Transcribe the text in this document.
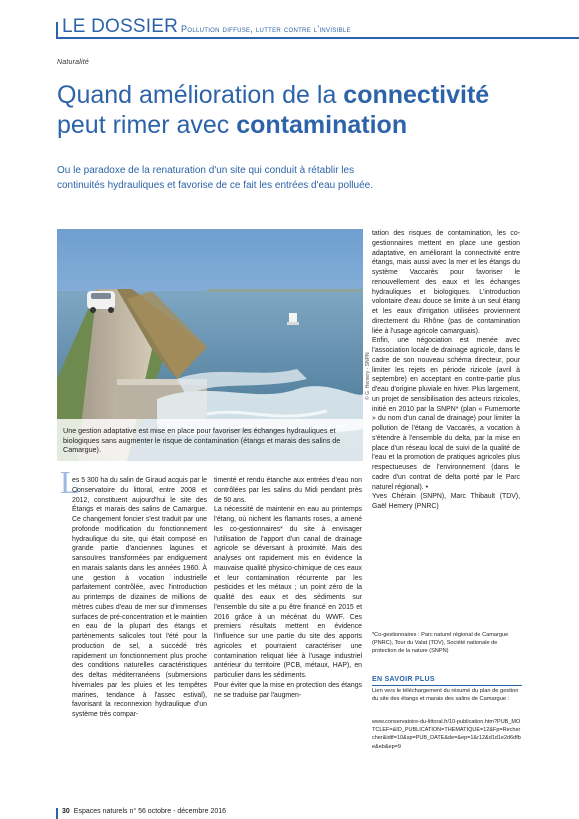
LE DOSSIER Pollution diffuse, lutter contre l'invisible
Naturalité
Quand amélioration de la connectivité
peut rimer avec contamination
Ou le paradoxe de la renaturation d'un site qui conduit à rétablir les continuités hydrauliques et favorise de ce fait les entrées d'eau polluée.
Une gestion adaptative est mise en place pour favoriser les échanges hydrauliques et biologiques sans augmenter le risque de contamination (étangs et marais des salins de Camargue).
© G. Hemery - SNPN
L

es 5 300 ha du salin de Giraud acquis par le Conservatoire du littoral, entre 2008 et 2012, constituent aujourd'hui le site des Étangs et marais des salins de Camargue. Ce changement foncier s'est traduit par une profonde modification du fonctionnement hydraulique du site, qui était composé en grande partie d'anciennes lagunes et sansouïres transformées par endiguement en marais salants dans les années 1960. À une gestion à vocation industrielle parfaitement contrôlée, avec l'introduction au printemps de dizaines de millions de mètres cubes d'eau de mer sur d'immenses surfaces de pré-concentration et le maintien en eau de la plupart des étangs et partènements salicoles tout l'été pour la production de sel, a succédé très rapidement un fonctionnement plus proche des conditions naturelles caractéristiques des deltas méditerranéens (submersions hivernales par les pluies et les tempêtes marines, tendance à l'assec estival), favorisant la reconnexion hydraulique d'un système très compar-

timenté et rendu étanche aux entrées d'eau non contrôlées par les salins du Midi pendant près de 50 ans.

La nécessité de maintenir en eau au printemps l'étang, où nichent les flamants roses, a amené les co-gestionnaires* du site à envisager l'utilisation de l'apport d'un canal de drainage agricole se déversant à proximité. Mais des analyses ont rapidement mis en évidence la mauvaise qualité physico-chimique de ces eaux et leur contamination récurrente par les pesticides et les métaux ; un point zéro de la qualité des eaux et des sédiments sur l'ensemble du site a pu être financé en 2015 et 2016 grâce à un mécénat du WWF. Ces premiers résultats mettent en évidence l'influence sur une partie du site des apports agricoles et pourraient caractériser une contamination reliquat liée à l'usage industriel antérieur du territoire (PCB, métaux, HAP), en particulier dans les sédiments.

Pour éviter que la mise en protection des étangs ne se traduise par l'augmen-

tation des risques de contamination, les co-gestionnaires mettent en place une gestion adaptative, en améliorant la connectivité entre étangs, mais aussi avec la mer et les étangs du système Vaccarès pour favoriser le renouvellement des eaux et les échanges hydrauliques et biologiques. L'introduction volontaire d'eau douce se limite à un seul étang et les eaux d'irrigation utilisées proviennent directement du Rhône (pas de contamination liée à l'usage agricole camarguais).

Enfin, une négociation est menée avec l'association locale de drainage agricole, dans le cadre de son nouveau schéma directeur, pour limiter les rejets en période rizicole (avril à septembre) en acceptant en contre-partie plus d'eau d'origine pluviale en hiver. Plus largement, un projet de sensibilisation des acteurs rizicoles, initié en 2010 par la SNPN* (plan « Fumemorte » du nom d'un canal de drainage) pour limiter la pollution de l'étang de Vaccarès, a vocation à s'étendre à l'ensemble du delta, par la mise en place d'un réseau local de suivi de la qualité de l'eau et la promotion de pratiques agricoles plus respectueuses de l'environnement (dans le cadre d'un contrat de delta porté par le Parc naturel régional). •

Yves Chérain (SNPN), Marc Thibault (TDV), Gaël Hemery (PNRC)

*Co-gestionnaires : Parc naturel régional de Camargue (PNRC), Tour du Valat (TDV), Société nationale de protection de la nature (SNPN)
EN SAVOIR PLUS
Lien vers le téléchargement du résumé du plan de gestion du site des étangs et marais des salins de Camargue :
www.conservatoire-du-littoral.fr/10-publication.htm?PUB_MOTCLEF=&ID_PUBLICATION=THEMATIQUE=12&Fp=Rechercher&idtf=10&sp=PUB_DATE&de=&ep=1&r12&d1d1e2d6dfbe&eb&ep=9
30 Espaces naturels n° 56 octobre - décembre 2016
